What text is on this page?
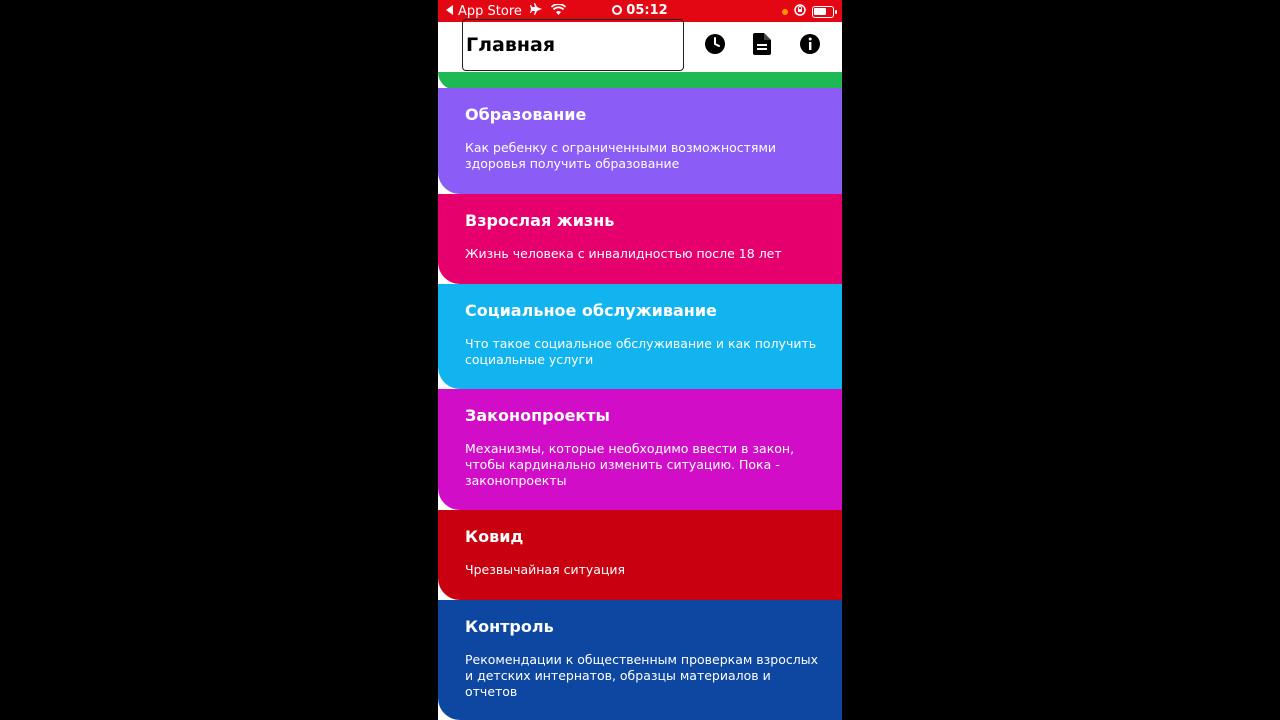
App Store	05:12
Главная
Образование
Как ребенку с ограниченными возможностями здоровья получить образование
Взрослая жизнь
Жизнь человека с инвалидностью после 18 лет
Социальное обслуживание
Что такое социальное обслуживание и как получить социальные услуги
Законопроекты
Механизмы, которые необходимо ввести в закон, чтобы кардинально изменить ситуацию. Пока - законопроекты
Ковид
Чрезвычайная ситуация
Контроль
Рекомендации к общественным проверкам взрослых и детских интернатов, образцы материалов и отчетов
